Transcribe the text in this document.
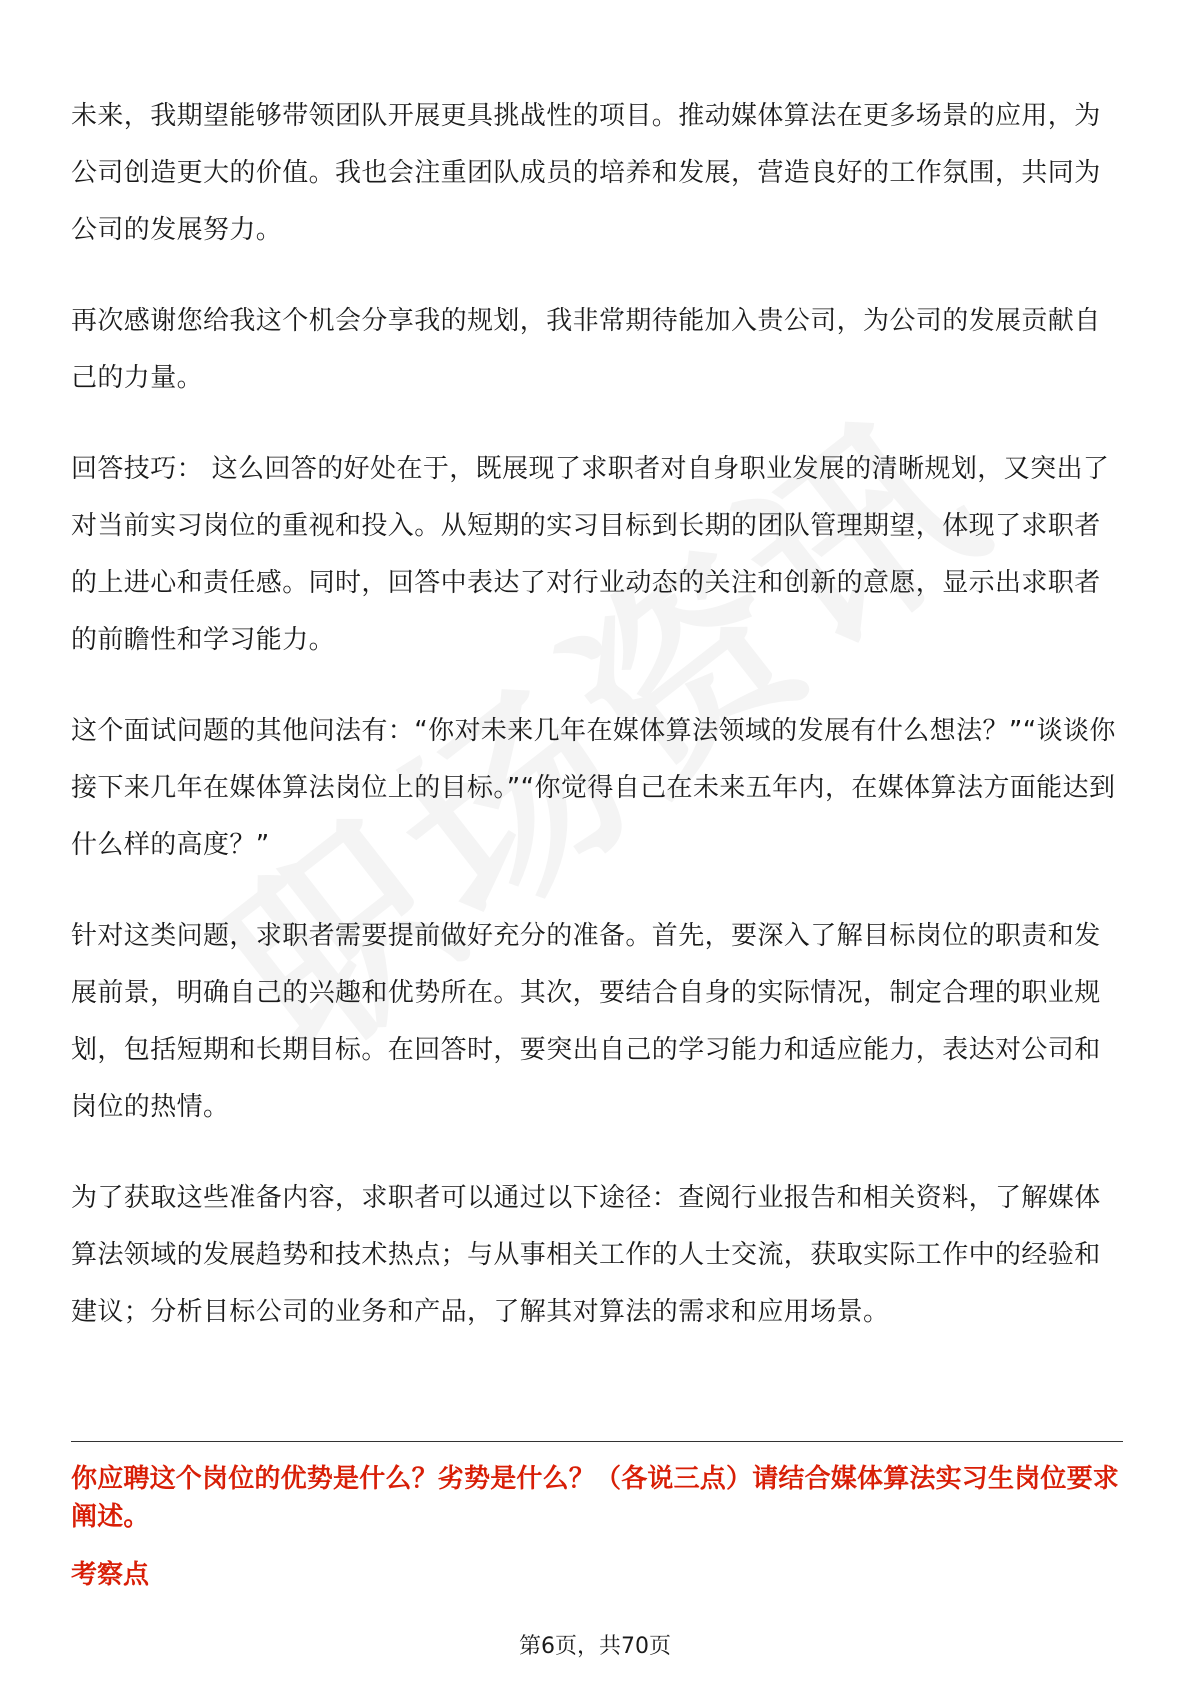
未来，我期望能够带领团队开展更具挑战性的项目。推动媒体算法在更多场景的应用，为公司创造更大的价值。我也会注重团队成员的培养和发展，营造良好的工作氛围，共同为公司的发展努力。

再次感谢您给我这个机会分享我的规划，我非常期待能加入贵公司，为公司的发展贡献自己的力量。

回答技巧： 这么回答的好处在于，既展现了求职者对自身职业发展的清晰规划，又突出了对当前实习岗位的重视和投入。从短期的实习目标到长期的团队管理期望，体现了求职者的上进心和责任感。同时，回答中表达了对行业动态的关注和创新的意愿，显示出求职者的前瞻性和学习能力。

这个面试问题的其他问法有：“你对未来几年在媒体算法领域的发展有什么想法？”“谈谈你接下来几年在媒体算法岗位上的目标。”“你觉得自己在未来五年内，在媒体算法方面能达到什么样的高度？”

针对这类问题，求职者需要提前做好充分的准备。首先，要深入了解目标岗位的职责和发展前景，明确自己的兴趣和优势所在。其次，要结合自身的实际情况，制定合理的职业规划，包括短期和长期目标。在回答时，要突出自己的学习能力和适应能力，表达对公司和岗位的热情。

为了获取这些准备内容，求职者可以通过以下途径：查阅行业报告和相关资料，了解媒体算法领域的发展趋势和技术热点；与从事相关工作的人士交流，获取实际工作中的经验和建议；分析目标公司的业务和产品，了解其对算法的需求和应用场景。

你应聘这个岗位的优势是什么？劣势是什么？（各说三点）请结合媒体算法实习生岗位要求阐述。
考察点
第6页，共70页
